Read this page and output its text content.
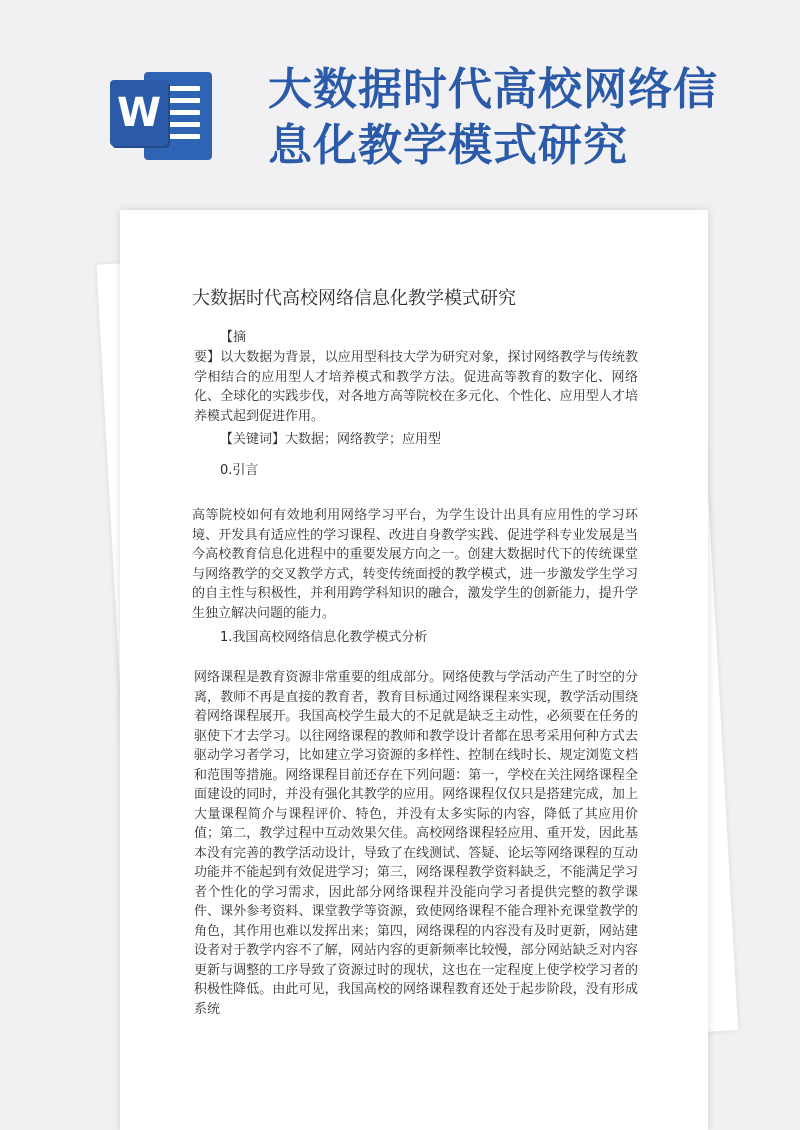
W 大数据时代高校网络信息化教学模式研究
大数据时代高校网络信息化教学模式研究

【摘

要】以大数据为背景，以应用型科技大学为研究对象，探讨网络教学与传统教学相结合的应用型人才培养模式和教学方法。促进高等教育的数字化、网络化、全球化的实践步伐，对各地方高等院校在多元化、个性化、应用型人才培养模式起到促进作用。

【关键词】大数据；网络教学；应用型

0.引言

高等院校如何有效地利用网络学习平台，为学生设计出具有应用性的学习环境、开发具有适应性的学习课程、改进自身教学实践、促进学科专业发展是当今高校教育信息化进程中的重要发展方向之一。创建大数据时代下的传统课堂与网络教学的交叉教学方式，转变传统面授的教学模式，进一步激发学生学习的自主性与积极性，并利用跨学科知识的融合，激发学生的创新能力，提升学生独立解决问题的能力。

1.我国高校网络信息化教学模式分析

网络课程是教育资源非常重要的组成部分。网络使教与学活动产生了时空的分离，教师不再是直接的教育者，教育目标通过网络课程来实现，教学活动围绕着网络课程展开。我国高校学生最大的不足就是缺乏主动性，必须要在任务的驱使下才去学习。以往网络课程的教师和教学设计者都在思考采用何种方式去驱动学习者学习，比如建立学习资源的多样性、控制在线时长、规定浏览文档和范围等措施。网络课程目前还存在下列问题：第一，学校在关注网络课程全面建设的同时，并没有强化其教学的应用。网络课程仅仅只是搭建完成，加上大量课程简介与课程评价、特色，并没有太多实际的内容，降低了其应用价值；第二，教学过程中互动效果欠佳。高校网络课程轻应用、重开发，因此基本没有完善的教学活动设计，导致了在线测试、答疑、论坛等网络课程的互动功能并不能起到有效促进学习；第三，网络课程教学资料缺乏，不能满足学习者个性化的学习需求，因此部分网络课程并没能向学习者提供完整的教学课件、课外参考资料、课堂教学等资源，致使网络课程不能合理补充课堂教学的角色，其作用也难以发挥出来；第四，网络课程的内容没有及时更新，网站建设者对于教学内容不了解，网站内容的更新频率比较慢，部分网站缺乏对内容更新与调整的工序导致了资源过时的现状，这也在一定程度上使学校学习者的积极性降低。由此可见，我国高校的网络课程教育还处于起步阶段，没有形成系统
